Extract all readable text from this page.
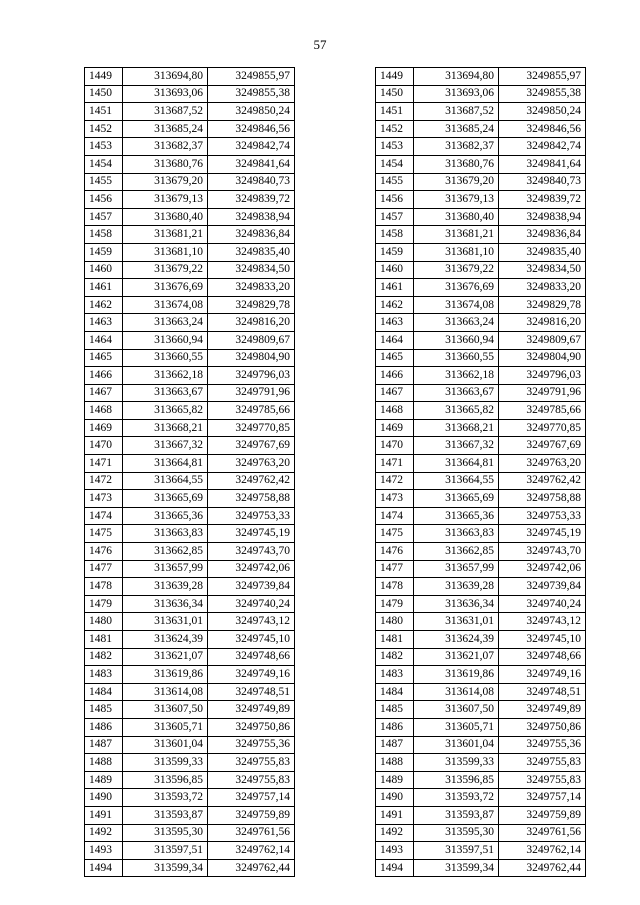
57
1449	313694,80	3249855,97
1450	313693,06	3249855,38
1451	313687,52	3249850,24
1452	313685,24	3249846,56
1453	313682,37	3249842,74
1454	313680,76	3249841,64
1455	313679,20	3249840,73
1456	313679,13	3249839,72
1457	313680,40	3249838,94
1458	313681,21	3249836,84
1459	313681,10	3249835,40
1460	313679,22	3249834,50
1461	313676,69	3249833,20
1462	313674,08	3249829,78
1463	313663,24	3249816,20
1464	313660,94	3249809,67
1465	313660,55	3249804,90
1466	313662,18	3249796,03
1467	313663,67	3249791,96
1468	313665,82	3249785,66
1469	313668,21	3249770,85
1470	313667,32	3249767,69
1471	313664,81	3249763,20
1472	313664,55	3249762,42
1473	313665,69	3249758,88
1474	313665,36	3249753,33
1475	313663,83	3249745,19
1476	313662,85	3249743,70
1477	313657,99	3249742,06
1478	313639,28	3249739,84
1479	313636,34	3249740,24
1480	313631,01	3249743,12
1481	313624,39	3249745,10
1482	313621,07	3249748,66
1483	313619,86	3249749,16
1484	313614,08	3249748,51
1485	313607,50	3249749,89
1486	313605,71	3249750,86
1487	313601,04	3249755,36
1488	313599,33	3249755,83
1489	313596,85	3249755,83
1490	313593,72	3249757,14
1491	313593,87	3249759,89
1492	313595,30	3249761,56
1493	313597,51	3249762,14
1494	313599,34	3249762,44
1449	313694,80	3249855,97
1450	313693,06	3249855,38
1451	313687,52	3249850,24
1452	313685,24	3249846,56
1453	313682,37	3249842,74
1454	313680,76	3249841,64
1455	313679,20	3249840,73
1456	313679,13	3249839,72
1457	313680,40	3249838,94
1458	313681,21	3249836,84
1459	313681,10	3249835,40
1460	313679,22	3249834,50
1461	313676,69	3249833,20
1462	313674,08	3249829,78
1463	313663,24	3249816,20
1464	313660,94	3249809,67
1465	313660,55	3249804,90
1466	313662,18	3249796,03
1467	313663,67	3249791,96
1468	313665,82	3249785,66
1469	313668,21	3249770,85
1470	313667,32	3249767,69
1471	313664,81	3249763,20
1472	313664,55	3249762,42
1473	313665,69	3249758,88
1474	313665,36	3249753,33
1475	313663,83	3249745,19
1476	313662,85	3249743,70
1477	313657,99	3249742,06
1478	313639,28	3249739,84
1479	313636,34	3249740,24
1480	313631,01	3249743,12
1481	313624,39	3249745,10
1482	313621,07	3249748,66
1483	313619,86	3249749,16
1484	313614,08	3249748,51
1485	313607,50	3249749,89
1486	313605,71	3249750,86
1487	313601,04	3249755,36
1488	313599,33	3249755,83
1489	313596,85	3249755,83
1490	313593,72	3249757,14
1491	313593,87	3249759,89
1492	313595,30	3249761,56
1493	313597,51	3249762,14
1494	313599,34	3249762,44
